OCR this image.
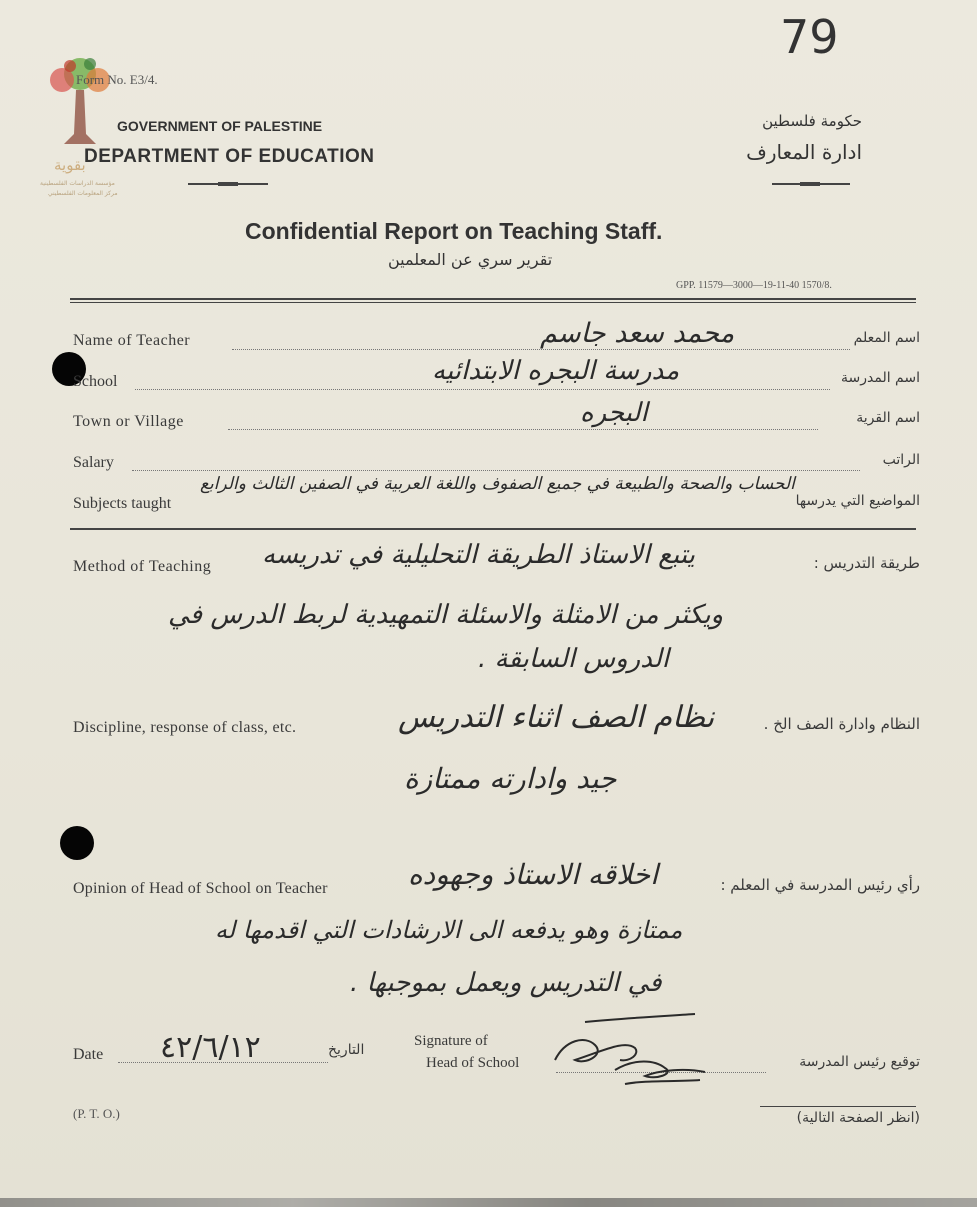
79
بقوية
مؤسسة الدراسات الفلسطينية
مركز المعلومات الفلسطيني
Form No. E3/4.
GOVERNMENT OF PALESTINE
DEPARTMENT OF EDUCATION
حكومة فلسطين
ادارة المعارف
Confidential Report on Teaching Staff.
تقرير سري عن المعلمين
GPP. 11579—3000—19-11-40 1570/8.
Name of Teacher	اسم المعلم
محمد سعد جاسم
School	اسم المدرسة
مدرسة البجره الابتدائيه
Town or Village	اسم القرية
البجره
Salary	الراتب
Subjects taught	المواضيع التي يدرسها
الحساب والصحة والطبيعة في جميع الصفوف واللغة العربية في الصفين الثالث والرابع
Method of Teaching	طريقة التدريس :
يتبع الاستاذ الطريقة التحليلية في تدريسه
ويكثر من الامثلة والاسئلة التمهيدية لربط الدرس في
الدروس السابقة .
Discipline, response of class, etc.	النظام وادارة الصف الخ .
نظام الصف اثناء التدريس
جيد وادارته ممتازة
Opinion of Head of School on Teacher	رأي رئيس المدرسة في المعلم :
اخلاقه الاستاذ وجهوده
ممتازة وهو يدفعه الى الارشادات التي اقدمها له
في التدريس ويعمل بموجبها .
Date ٤٢/٦/١٢	التاريخ
Signature of
Head of School	توقيع رئيس المدرسة
(P. T. O.)	(انظر الصفحة التالية)
